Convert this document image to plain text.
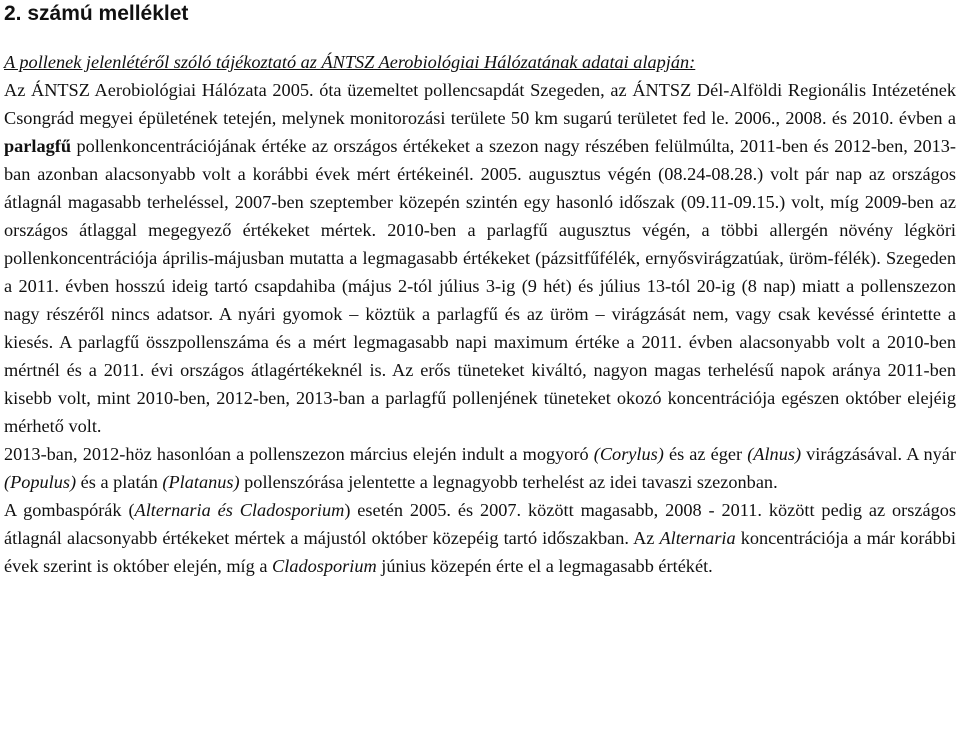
2. számú melléklet

A pollenek jelenlétéről szóló tájékoztató az ÁNTSZ Aerobiológiai Hálózatának adatai alapján:

Az ÁNTSZ Aerobiológiai Hálózata 2005. óta üzemeltet pollencsapdát Szegeden, az ÁNTSZ Dél-Alföldi Regionális Intézetének Csongrád megyei épületének tetején, melynek monitorozási területe 50 km sugarú területet fed le. 2006., 2008. és 2010. évben a parlagfű pollenkoncentrációjának értéke az országos értékeket a szezon nagy részében felülmúlta, 2011-ben és 2012-ben, 2013-ban azonban alacsonyabb volt a korábbi évek mért értékeinél. 2005. augusztus végén (08.24-08.28.) volt pár nap az országos átlagnál magasabb terheléssel, 2007-ben szeptember közepén szintén egy hasonló időszak (09.11-09.15.) volt, míg 2009-ben az országos átlaggal megegyező értékeket mértek. 2010-ben a parlagfű augusztus végén, a többi allergén növény légköri pollenkoncentrációja április-májusban mutatta a legmagasabb értékeket (pázsitfűfélék, ernyősvirágzatúak, üröm-félék). Szegeden a 2011. évben hosszú ideig tartó csapdahiba (május 2-tól július 3-ig (9 hét) és július 13-tól 20-ig (8 nap) miatt a pollenszezon nagy részéről nincs adatsor. A nyári gyomok – köztük a parlagfű és az üröm – virágzását nem, vagy csak kevéssé érintette a kiesés. A parlagfű összpollenszáma és a mért legmagasabb napi maximum értéke a 2011. évben alacsonyabb volt a 2010-ben mértnél és a 2011. évi országos átlagértékeknél is. Az erős tüneteket kiváltó, nagyon magas terhelésű napok aránya 2011-ben kisebb volt, mint 2010-ben, 2012-ben, 2013-ban a parlagfű pollenjének tüneteket okozó koncentrációja egészen október elejéig mérhető volt.

2013-ban, 2012-höz hasonlóan a pollenszezon március elején indult a mogyoró (Corylus) és az éger (Alnus) virágzásával. A nyár (Populus) és a platán (Platanus) pollenszórása jelentette a legnagyobb terhelést az idei tavaszi szezonban.

A gombaspórák (Alternaria és Cladosporium) esetén 2005. és 2007. között magasabb, 2008 - 2011. között pedig az országos átlagnál alacsonyabb értékeket mértek a májustól október közepéig tartó időszakban. Az Alternaria koncentrációja a már korábbi évek szerint is október elején, míg a Cladosporium június közepén érte el a legmagasabb értékét.
